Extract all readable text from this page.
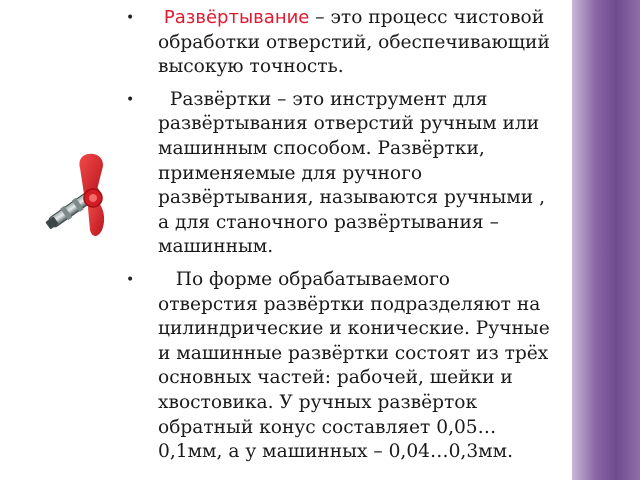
•	Развёртывание – это процесс чистовой
обработки отверстий, обеспечивающий
высокую точность.

• Развёртки – это инструмент для
развёртывания отверстий ручным или
машинным способом. Развёртки,
применяемые для ручного
развёртывания, называются ручными ,
а для станочного развёртывания –
машинным.

• По форме обрабатываемого
отверстия развёртки подразделяют на
цилиндрические и конические. Ручные
и машинные развёртки состоят из трёх
основных частей: рабочей, шейки и
хвостовика. У ручных развёрток
обратный конус составляет 0,05…
0,1мм, а у машинных – 0,04…0,3мм.
